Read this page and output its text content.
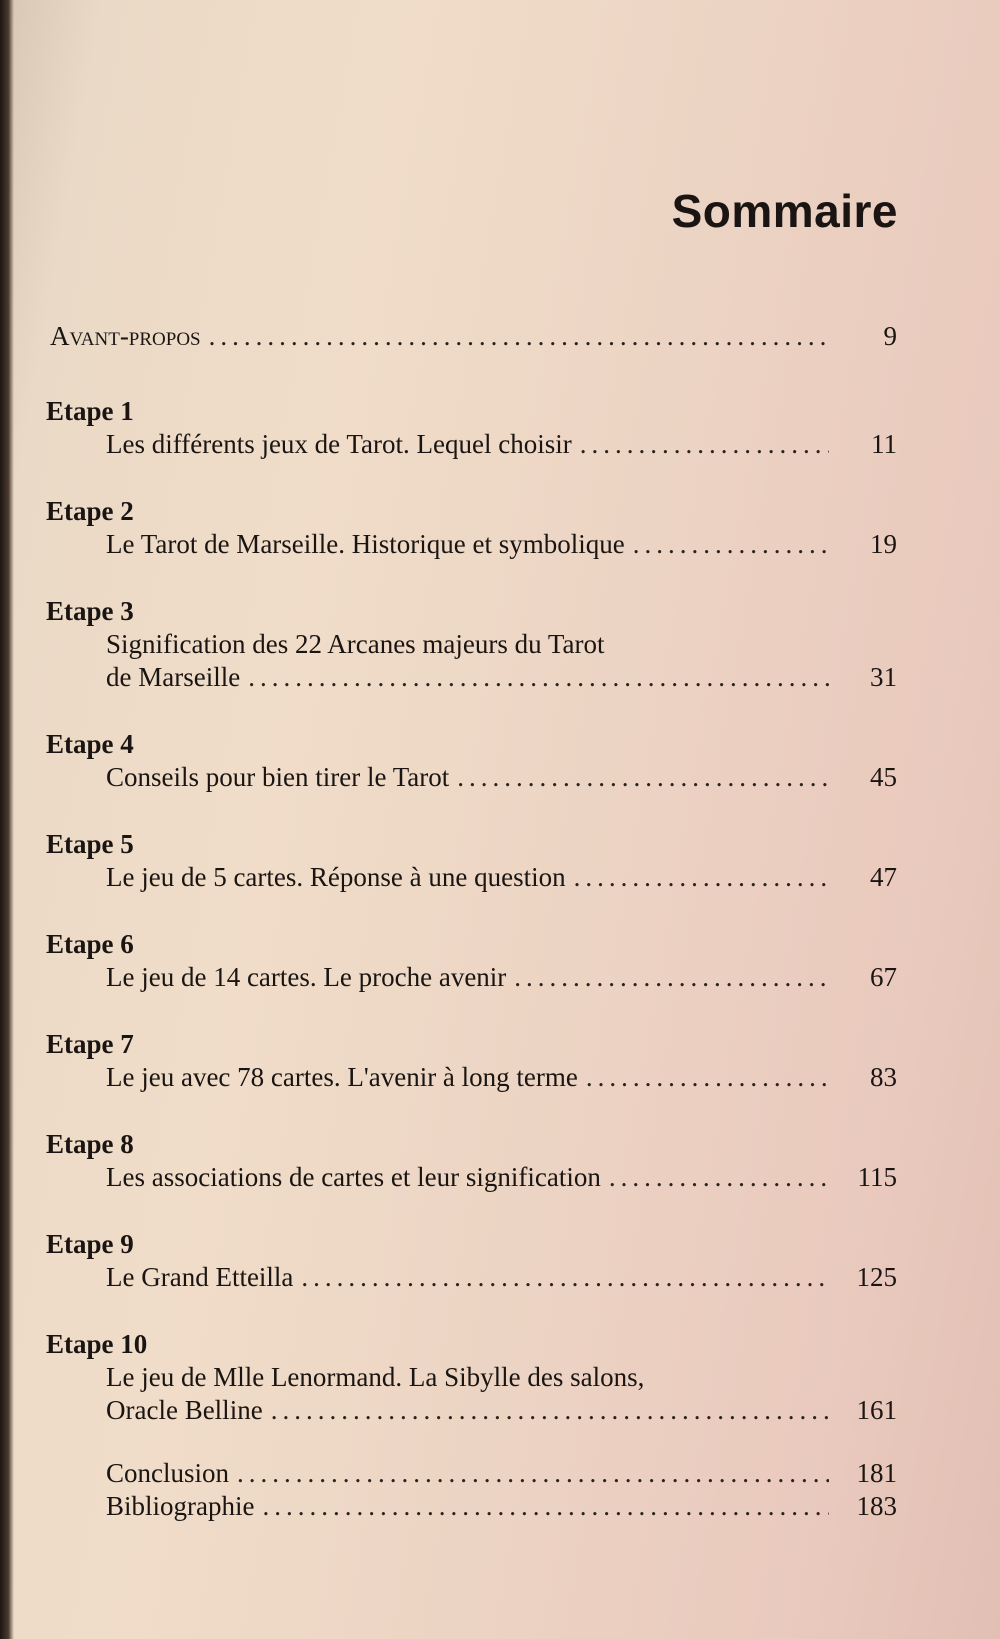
Sommaire
Avant-propos .....	9
Etape 1
Les différents jeux de Tarot. Lequel choisir .....	11
Etape 2
Le Tarot de Marseille. Historique et symbolique .....	19
Etape 3
Signification des 22 Arcanes majeurs du Tarot
de Marseille .....	31
Etape 4
Conseils pour bien tirer le Tarot .....	45
Etape 5
Le jeu de 5 cartes. Réponse à une question .....	47
Etape 6
Le jeu de 14 cartes. Le proche avenir .....	67
Etape 7
Le jeu avec 78 cartes. L'avenir à long terme .....	83
Etape 8
Les associations de cartes et leur signification .....	115
Etape 9
Le Grand Etteilla .....	125
Etape 10
Le jeu de Mlle Lenormand. La Sibylle des salons,
Oracle Belline .....	161
Conclusion .....	181
Bibliographie .....	183
